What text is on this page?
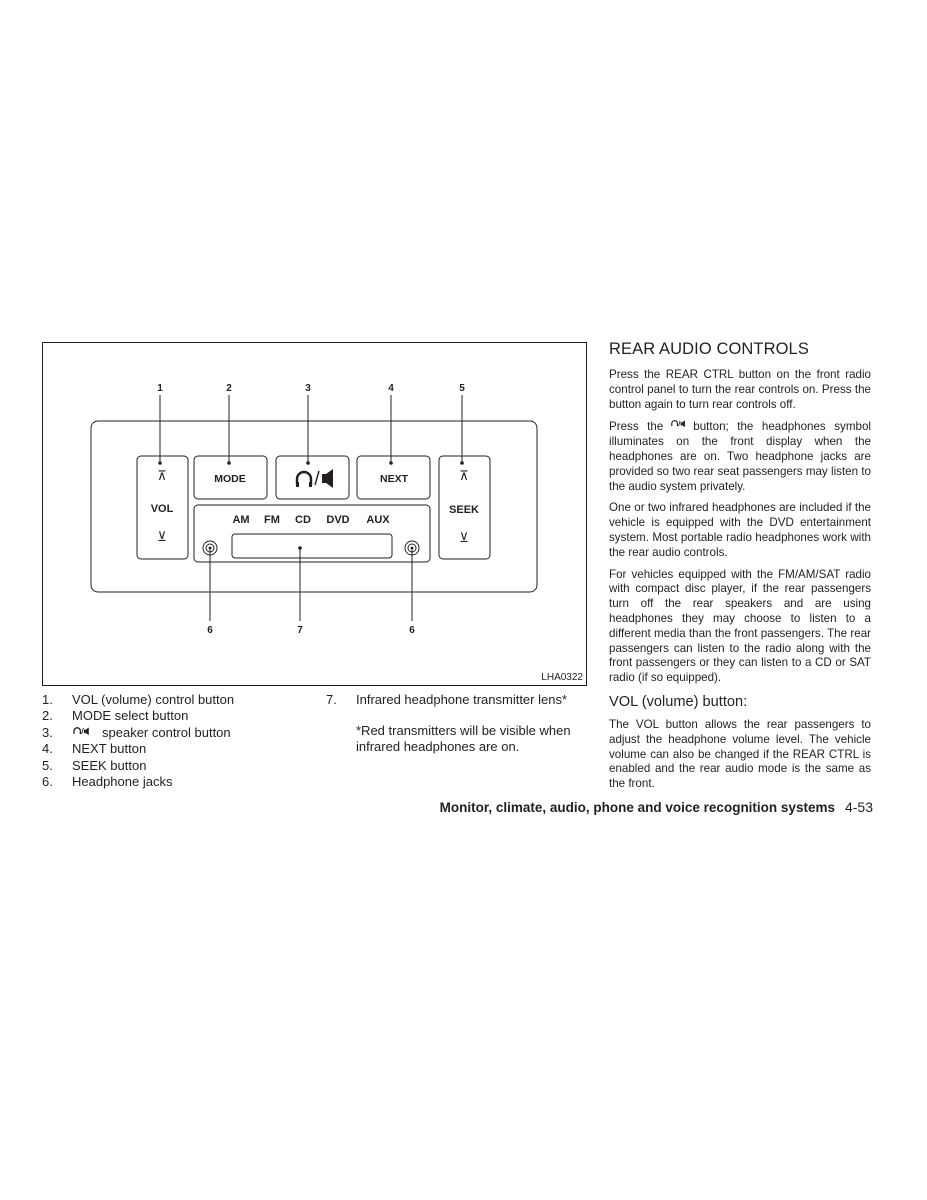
1	2	3	4	5
6	7	6
MODE	NEXT
VOL	SEEK
⊼
⊻
⊼
⊻
AM FM CD DVD AUX
LHA0322
1. VOL (volume) control button
2. MODE select button
3.	speaker control button
4. NEXT button
5. SEEK button
6. Headphone jacks
7. Infrared headphone transmitter lens*
*Red transmitters will be visible when infrared headphones are on.
REAR AUDIO CONTROLS

Press the REAR CTRL button on the front radio control panel to turn the rear controls on. Press the button again to turn rear controls off.

Press the	button; the headphones symbol illuminates on the front display when the headphones are on. Two headphone jacks are provided so two rear seat passengers may listen to the audio system privately.

One or two infrared headphones are included if the vehicle is equipped with the DVD entertainment system. Most portable radio headphones work with the rear audio controls.

For vehicles equipped with the FM/AM/SAT radio with compact disc player, if the rear passengers turn off the rear speakers and are using headphones they may choose to listen to a different media than the front passengers. The rear passengers can listen to the radio along with the front passengers or they can listen to a CD or SAT radio (if so equipped).

VOL (volume) button:

The VOL button allows the rear passengers to adjust the headphone volume level. The vehicle volume can also be changed if the REAR CTRL is enabled and the rear audio mode is the same as the front.

Monitor, climate, audio, phone and voice recognition systems 4-53
